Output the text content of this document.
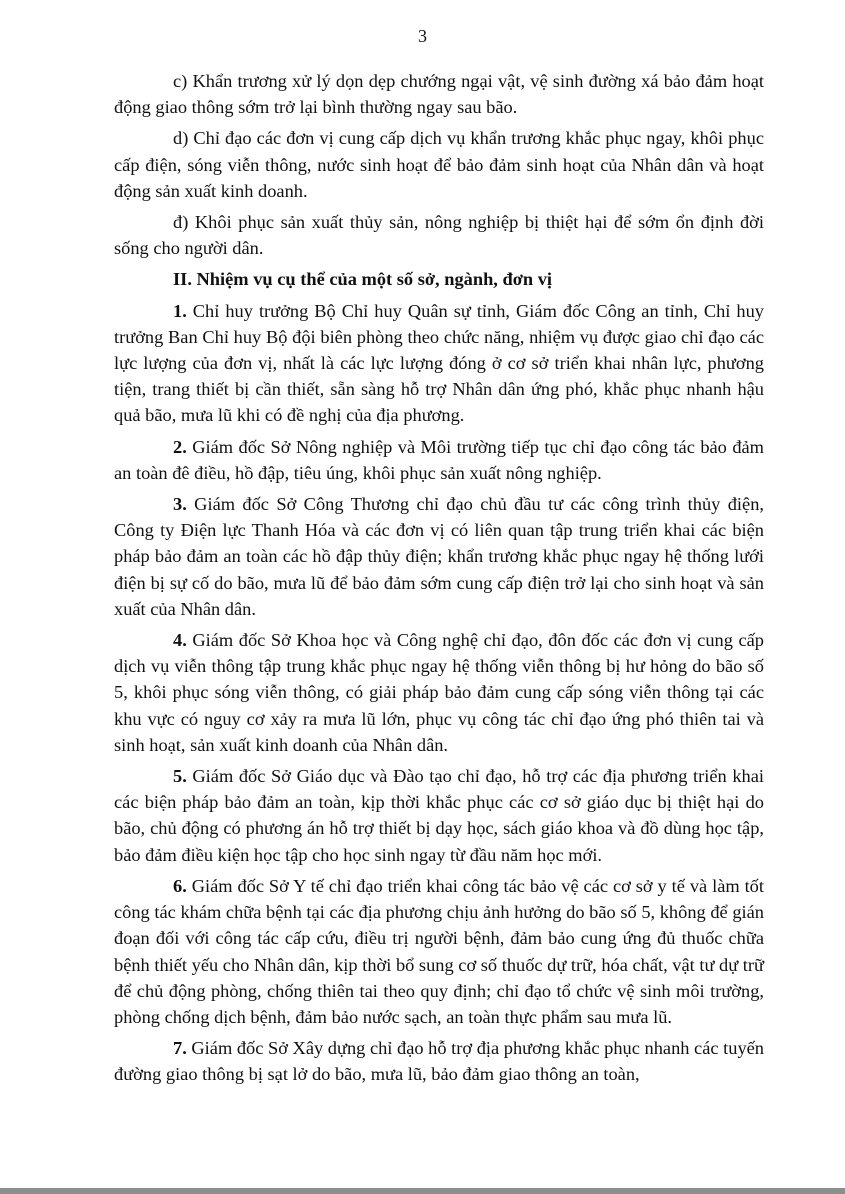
3

c) Khẩn trương xử lý dọn dẹp chướng ngại vật, vệ sinh đường xá bảo đảm hoạt động giao thông sớm trở lại bình thường ngay sau bão.

d) Chỉ đạo các đơn vị cung cấp dịch vụ khẩn trương khắc phục ngay, khôi phục cấp điện, sóng viễn thông, nước sinh hoạt để bảo đảm sinh hoạt của Nhân dân và hoạt động sản xuất kinh doanh.

đ) Khôi phục sản xuất thủy sản, nông nghiệp bị thiệt hại để sớm ổn định đời sống cho người dân.

II. Nhiệm vụ cụ thể của một số sở, ngành, đơn vị

1. Chỉ huy trưởng Bộ Chỉ huy Quân sự tỉnh, Giám đốc Công an tỉnh, Chỉ huy trưởng Ban Chỉ huy Bộ đội biên phòng theo chức năng, nhiệm vụ được giao chỉ đạo các lực lượng của đơn vị, nhất là các lực lượng đóng ở cơ sở triển khai nhân lực, phương tiện, trang thiết bị cần thiết, sẵn sàng hỗ trợ Nhân dân ứng phó, khắc phục nhanh hậu quả bão, mưa lũ khi có đề nghị của địa phương.

2. Giám đốc Sở Nông nghiệp và Môi trường tiếp tục chỉ đạo công tác bảo đảm an toàn đê điều, hồ đập, tiêu úng, khôi phục sản xuất nông nghiệp.

3. Giám đốc Sở Công Thương chỉ đạo chủ đầu tư các công trình thủy điện, Công ty Điện lực Thanh Hóa và các đơn vị có liên quan tập trung triển khai các biện pháp bảo đảm an toàn các hồ đập thủy điện; khẩn trương khắc phục ngay hệ thống lưới điện bị sự cố do bão, mưa lũ để bảo đảm sớm cung cấp điện trở lại cho sinh hoạt và sản xuất của Nhân dân.

4. Giám đốc Sở Khoa học và Công nghệ chỉ đạo, đôn đốc các đơn vị cung cấp dịch vụ viễn thông tập trung khắc phục ngay hệ thống viễn thông bị hư hỏng do bão số 5, khôi phục sóng viễn thông, có giải pháp bảo đảm cung cấp sóng viễn thông tại các khu vực có nguy cơ xảy ra mưa lũ lớn, phục vụ công tác chỉ đạo ứng phó thiên tai và sinh hoạt, sản xuất kinh doanh của Nhân dân.

5. Giám đốc Sở Giáo dục và Đào tạo chỉ đạo, hỗ trợ các địa phương triển khai các biện pháp bảo đảm an toàn, kịp thời khắc phục các cơ sở giáo dục bị thiệt hại do bão, chủ động có phương án hỗ trợ thiết bị dạy học, sách giáo khoa và đồ dùng học tập, bảo đảm điều kiện học tập cho học sinh ngay từ đầu năm học mới.

6. Giám đốc Sở Y tế chỉ đạo triển khai công tác bảo vệ các cơ sở y tế và làm tốt công tác khám chữa bệnh tại các địa phương chịu ảnh hưởng do bão số 5, không để gián đoạn đối với công tác cấp cứu, điều trị người bệnh, đảm bảo cung ứng đủ thuốc chữa bệnh thiết yếu cho Nhân dân, kịp thời bổ sung cơ số thuốc dự trữ, hóa chất, vật tư dự trữ để chủ động phòng, chống thiên tai theo quy định; chỉ đạo tổ chức vệ sinh môi trường, phòng chống dịch bệnh, đảm bảo nước sạch, an toàn thực phẩm sau mưa lũ.

7. Giám đốc Sở Xây dựng chỉ đạo hỗ trợ địa phương khắc phục nhanh các tuyến đường giao thông bị sạt lở do bão, mưa lũ, bảo đảm giao thông an toàn,
